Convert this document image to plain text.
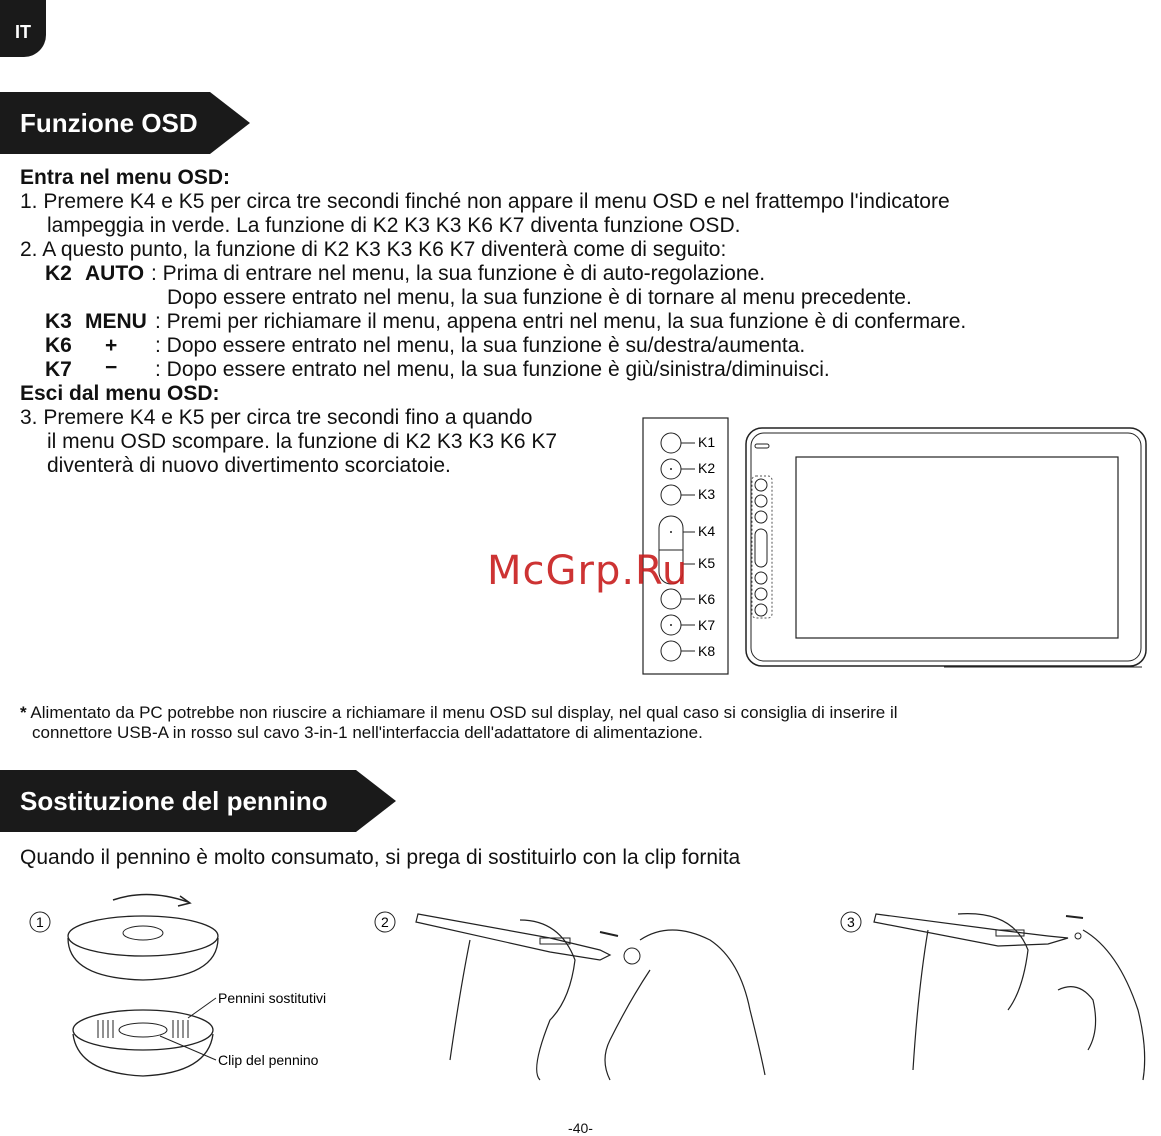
IT
Funzione OSD
Entra nel menu OSD:
1. Premere K4 e K5 per circa tre secondi finché non appare il menu OSD e nel frattempo l'indicatore
lampeggia in verde. La funzione di K2 K3 K3 K6 K7 diventa funzione OSD.
2. A questo punto, la funzione di K2 K3 K3 K6 K7 diventerà come di seguito:
K2 AUTO : Prima di entrare nel menu, la sua funzione è di auto-regolazione.
Dopo essere entrato nel menu, la sua funzione è di tornare al menu precedente.
K3 MENU : Premi per richiamare il menu, appena entri nel menu, la sua funzione è di confermare.
K6 + : Dopo essere entrato nel menu, la sua funzione è su/destra/aumenta.
K7 − : Dopo essere entrato nel menu, la sua funzione è giù/sinistra/diminuisci.
Esci dal menu OSD:
3. Premere K4 e K5 per circa tre secondi fino a quando
il menu OSD scompare. la funzione di K2 K3 K3 K6 K7
diventerà di nuovo divertimento scorciatoie.
K1
K2
K3
K4
K5
K6
K7
K8
McGrp.Ru
* Alimentato da PC potrebbe non riuscire a richiamare il menu OSD sul display, nel qual caso si consiglia di inserire il
connettore USB-A in rosso sul cavo 3-in-1 nell'interfaccia dell'adattatore di alimentazione.
Sostituzione del pennino
Quando il pennino è molto consumato, si prega di sostituirlo con la clip fornita
1
Pennini sostitutivi
Clip del pennino
2	3
-40-
